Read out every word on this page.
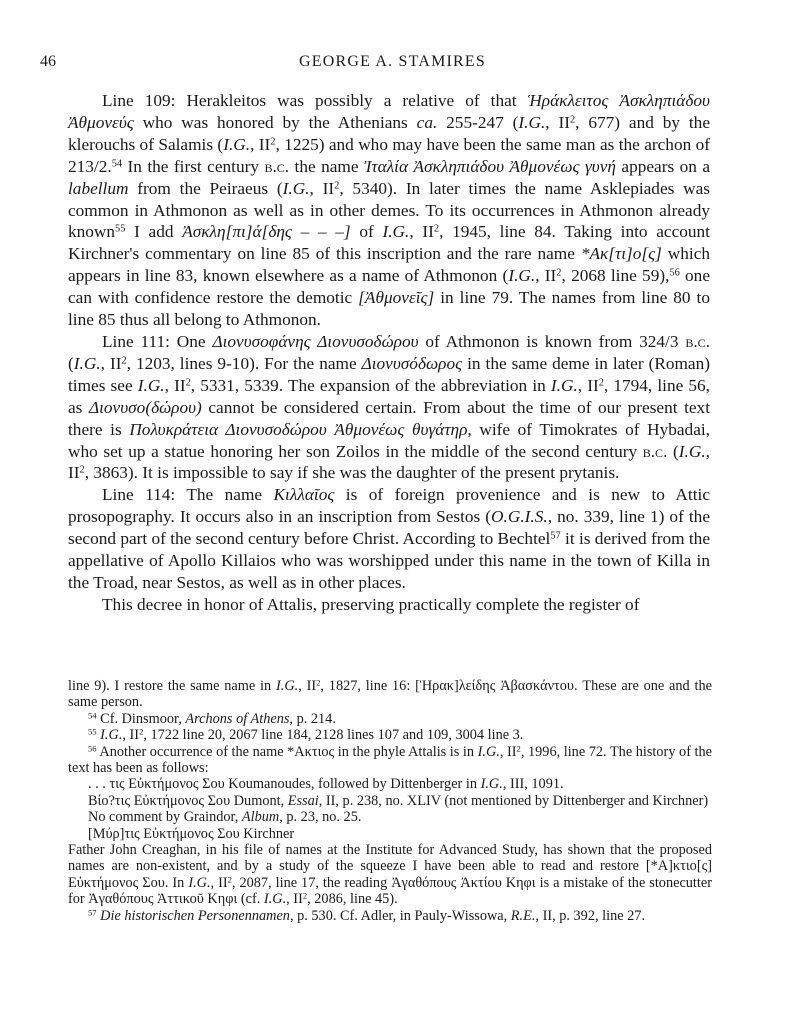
46	GEORGE A. STAMIRES

Line 109: Herakleitos was possibly a relative of that Ἡράκλειτος Ἀσκληπιάδου Ἀθμονεύς who was honored by the Athenians ca. 255-247 (I.G., $II^2$, 677) and by the klerouchs of Salamis (I.G., $II^2$, 1225) and who may have been the same man as the archon of 213/2.54 In the first century b.c. the name Ἰταλία Ἀσκληπιάδου Ἀθμονέως γυνή appears on a labellum from the Peiraeus (I.G., $II^2$, 5340). In later times the name Asklepiades was common in Athmonon as well as in other demes. To its occurrences in Athmonon already known$^{55}$ I add Ἀσκλη[πι]ά[δης – – –] of I.G., $II^2$, 1945, line 84. Taking into account Kirchner's commentary on line 85 of this inscription and the rare name *Ακ[τι]ο[ς] which appears in line 83, known elsewhere as a name of Athmonon (I.G., $II^2$, 2068 line 59),$^{56}$ one can with confidence restore the demotic [Ἀθμονεῖς] in line 79. The names from line 80 to line 85 thus all belong to Athmonon.

Line 111: One Διονυσοφάνης Διονυσοδώρου of Athmonon is known from 324/3 b.c. (I.G., $II^2$, 1203, lines 9-10). For the name Διονυσόδωρος in the same deme in later (Roman) times see I.G., $II^2$, 5331, 5339. The expansion of the abbreviation in I.G., $II^2$, 1794, line 56, as Διονυσο(δώρου) cannot be considered certain. From about the time of our present text there is Πολυκράτεια Διονυσοδώρου Ἀθμονέως θυγάτηρ, wife of Timokrates of Hybadai, who set up a statue honoring her son Zoilos in the middle of the second century b.c. (I.G., $II^2$, 3863). It is impossible to say if she was the daughter of the present prytanis.

Line 114: The name Κιλλαῖος is of foreign provenience and is new to Attic prosopography. It occurs also in an inscription from Sestos (O.G.I.S., no. 339, line 1) of the second part of the second century before Christ. According to Bechtel$^{57}$ it is derived from the appellative of Apollo Killaios who was worshipped under this name in the town of Killa in the Troad, near Sestos, as well as in other places.

This decree in honor of Attalis, preserving practically complete the register of

line 9). I restore the same name in I.G., $II^2$, 1827, line 16: [Ἡρακ]λείδης Ἀβασκάντου. These are one and the same person.

$^{54}$ Cf. Dinsmoor, Archons of Athens, p. 214.

$^{55}$ I.G., $II^2$, 1722 line 20, 2067 line 184, 2128 lines 107 and 109, 3004 line 3.

$^{56}$ Another occurrence of the name *Ακτιος in the phyle Attalis is in I.G., $II^2$, 1996, line 72. The history of the text has been as follows:

. . . τις Εὐκτήμονος Σου Koumanoudes, followed by Dittenberger in I.G., III, 1091.

Βίο?τις Εὐκτήμονος Σου Dumont, Essai, II, p. 238, no. XLIV (not mentioned by Dittenberger and Kirchner)

No comment by Graindor, Album, p. 23, no. 25.

[Μύρ]τις Εὐκτήμονος Σου Kirchner

Father John Creaghan, in his file of names at the Institute for Advanced Study, has shown that the proposed names are non-existent, and by a study of the squeeze I have been able to read and restore [*Α]κτιο[ς] Εὐκτήμονος Σου. In I.G., $II^2$, 2087, line 17, the reading Ἀγαθόπους Ἀκτίου Κηφι is a mistake of the stonecutter for Ἀγαθόπους Ἀττικοῦ Κηφι (cf. I.G., $II^2$, 2086, line 45).

$^{57}$ Die historischen Personennamen, p. 530. Cf. Adler, in Pauly-Wissowa, R.E., II, p. 392, line 27.
